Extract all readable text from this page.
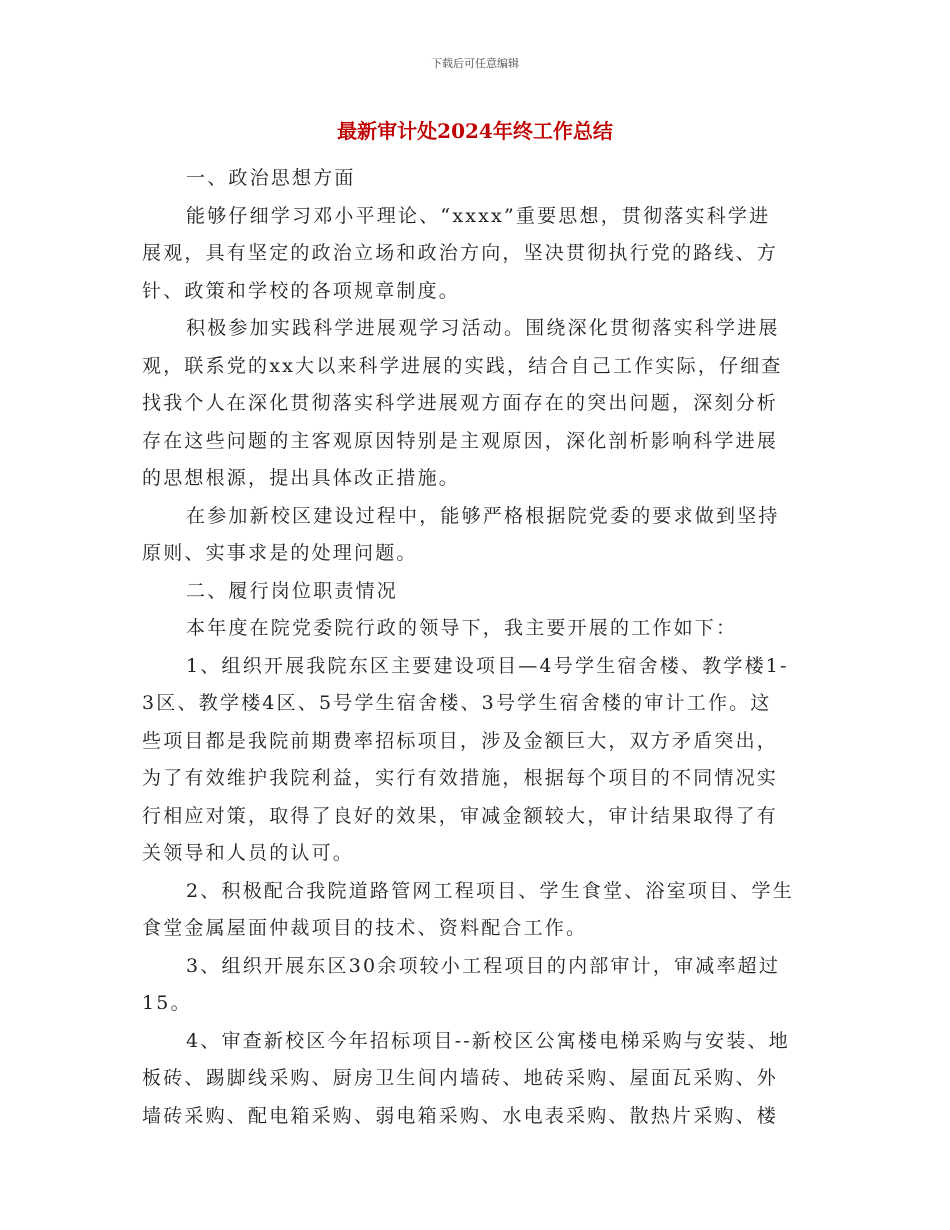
下载后可任意编辑
最新审计处2024年终工作总结
一、政治思想方面
能够仔细学习邓小平理论、“xxxx”重要思想，贯彻落实科学进
展观，具有坚定的政治立场和政治方向，坚决贯彻执行党的路线、方
针、政策和学校的各项规章制度。
积极参加实践科学进展观学习活动。围绕深化贯彻落实科学进展
观，联系党的xx大以来科学进展的实践，结合自己工作实际，仔细查
找我个人在深化贯彻落实科学进展观方面存在的突出问题，深刻分析
存在这些问题的主客观原因特别是主观原因，深化剖析影响科学进展
的思想根源，提出具体改正措施。
在参加新校区建设过程中，能够严格根据院党委的要求做到坚持
原则、实事求是的处理问题。
二、履行岗位职责情况
本年度在院党委院行政的领导下，我主要开展的工作如下：
1、组织开展我院东区主要建设项目—4号学生宿舍楼、教学楼1-
3区、教学楼4区、5号学生宿舍楼、3号学生宿舍楼的审计工作。这
些项目都是我院前期费率招标项目，涉及金额巨大，双方矛盾突出，
为了有效维护我院利益，实行有效措施，根据每个项目的不同情况实
行相应对策，取得了良好的效果，审减金额较大，审计结果取得了有
关领导和人员的认可。
2、积极配合我院道路管网工程项目、学生食堂、浴室项目、学生
食堂金属屋面仲裁项目的技术、资料配合工作。
3、组织开展东区30余项较小工程项目的内部审计，审减率超过
15。
4、审查新校区今年招标项目--新校区公寓楼电梯采购与安装、地
板砖、踢脚线采购、厨房卫生间内墙砖、地砖采购、屋面瓦采购、外
墙砖采购、配电箱采购、弱电箱采购、水电表采购、散热片采购、楼
